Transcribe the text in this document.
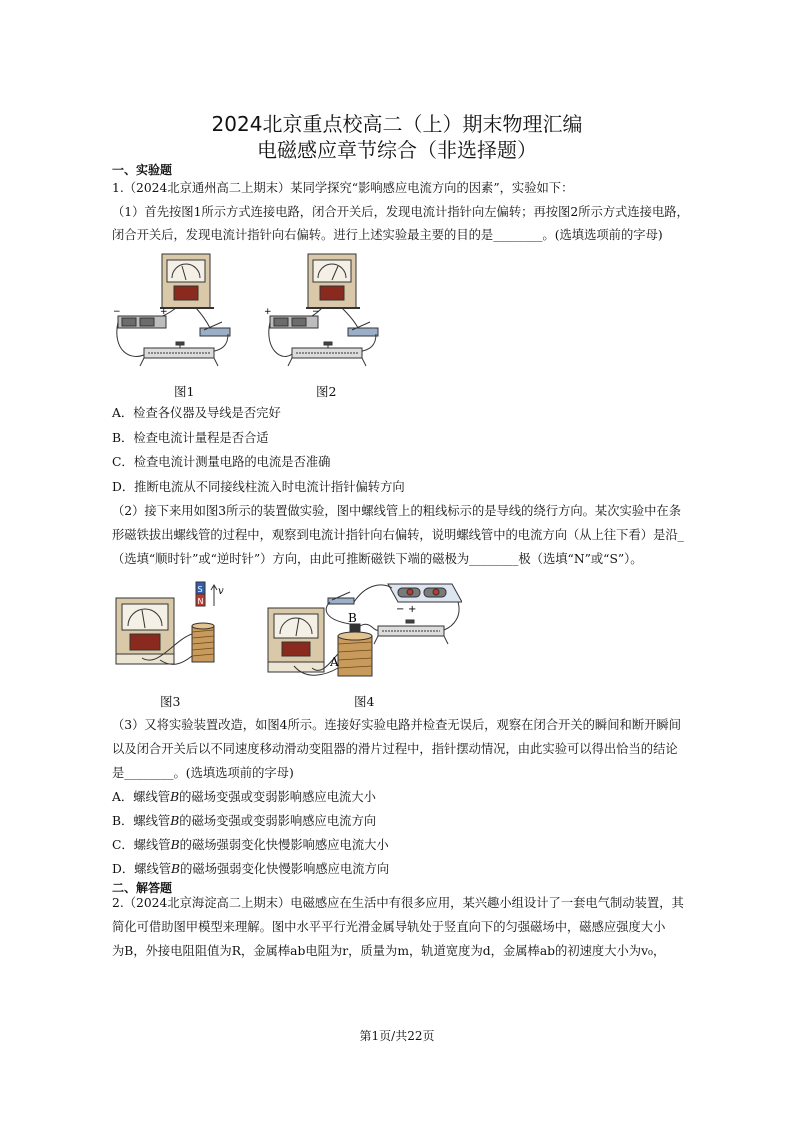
2024北京重点校高二（上）期末物理汇编
电磁感应章节综合（非选择题）
一、实验题
1.（2024北京通州高二上期末）某同学探究“影响感应电流方向的因素”，实验如下：
（1）首先按图1所示方式连接电路，闭合开关后，发现电流计指针向左偏转；再按图2所示方式连接电路，
闭合开关后，发现电流计指针向右偏转。进行上述实验最主要的目的是________。(选填选项前的字母)
−	+
图1
+	−
图2
A．检查各仪器及导线是否完好
B．检查电流计量程是否合适
C．检查电流计测量电路的电流是否准确
D．推断电流从不同接线柱流入时电流计指针偏转方向
（2）接下来用如图3所示的装置做实验，图中螺线管上的粗线标示的是导线的绕行方向。某次实验中在条
形磁铁拔出螺线管的过程中，观察到电流计指针向右偏转，说明螺线管中的电流方向（从上往下看）是沿_
（选填“顺时针”或“逆时针”）方向，由此可推断磁铁下端的磁极为________极（选填“N”或“S”）。
S
N
v
图3
B
A
− +
图4
（3）又将实验装置改造，如图4所示。连接好实验电路并检查无误后，观察在闭合开关的瞬间和断开瞬间
以及闭合开关后以不同速度移动滑动变阻器的滑片过程中，指针摆动情况，由此实验可以得出恰当的结论
是________。(选填选项前的字母)
A．螺线管B的磁场变强或变弱影响感应电流大小
B．螺线管B的磁场变强或变弱影响感应电流方向
C．螺线管B的磁场强弱变化快慢影响感应电流大小
D．螺线管B的磁场强弱变化快慢影响感应电流方向
二、解答题
2.（2024北京海淀高二上期末）电磁感应在生活中有很多应用，某兴趣小组设计了一套电气制动装置，其
简化可借助图甲模型来理解。图中水平平行光滑金属导轨处于竖直向下的匀强磁场中，磁感应强度大小
为B，外接电阻阻值为R，金属棒ab电阻为r，质量为m，轨道宽度为d，金属棒ab的初速度大小为v₀，
第1页/共22页
